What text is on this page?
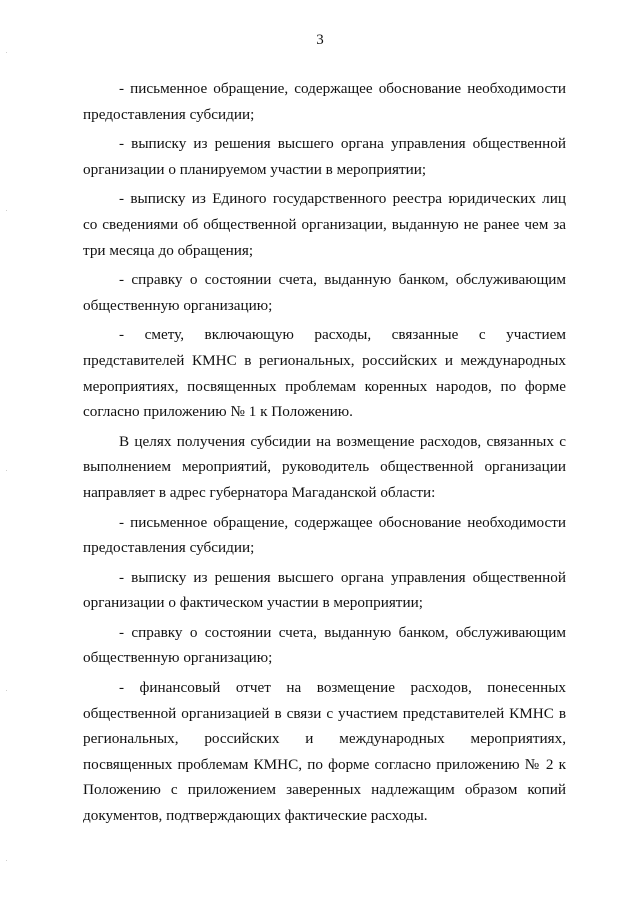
3

- письменное обращение, содержащее обоснование необходимости предоставления субсидии;

- выписку из решения высшего органа управления общественной организации о планируемом участии в мероприятии;

- выписку из Единого государственного реестра юридических лиц со сведениями об общественной организации, выданную не ранее чем за три месяца до обращения;

- справку о состоянии счета, выданную банком, обслуживающим общественную организацию;

- смету, включающую расходы, связанные с участием представителей КМНС в региональных, российских и международных мероприятиях, посвященных проблемам коренных народов, по форме согласно приложению № 1 к Положению.

В целях получения субсидии на возмещение расходов, связанных с выполнением мероприятий, руководитель общественной организации направляет в адрес губернатора Магаданской области:

- письменное обращение, содержащее обоснование необходимости предоставления субсидии;

- выписку из решения высшего органа управления общественной организации о фактическом участии в мероприятии;

- справку о состоянии счета, выданную банком, обслуживающим общественную организацию;

- финансовый отчет на возмещение расходов, понесенных общественной организацией в связи с участием представителей КМНС в региональных, российских и международных мероприятиях, посвященных проблемам КМНС, по форме согласно приложению № 2 к Положению с приложением заверенных надлежащим образом копий документов, подтверждающих фактические расходы.
